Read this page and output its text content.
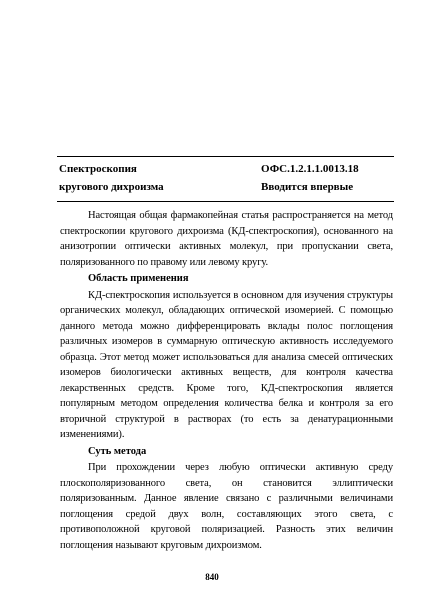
Спектроскопия
кругового дихроизма
ОФС.1.2.1.1.0013.18
Вводится впервые

Настоящая общая фармакопейная статья распространяется на метод спектроскопии кругового дихроизма (КД-спектроскопия), основанного на анизотропии оптически активных молекул, при пропускании света, поляризованного по правому или левому кругу.

Область применения

КД-спектроскопия используется в основном для изучения структуры органических молекул, обладающих оптической изомерией. С помощью данного метода можно дифференцировать вклады полос поглощения различных изомеров в суммарную оптическую активность исследуемого образца. Этот метод может использоваться для анализа смесей оптических изомеров биологически активных веществ, для контроля качества лекарственных средств. Кроме того, КД-спектроскопия является популярным методом определения количества белка и контроля за его вторичной структурой в растворах (то есть за денатурационными изменениями).

Суть метода

При прохождении через любую оптически активную среду плоскополяризованного света, он становится эллиптически поляризованным. Данное явление связано с различными величинами поглощения средой двух волн, составляющих этого света, с противоположной круговой поляризацией. Разность этих величин поглощения называют круговым дихроизмом.

840
